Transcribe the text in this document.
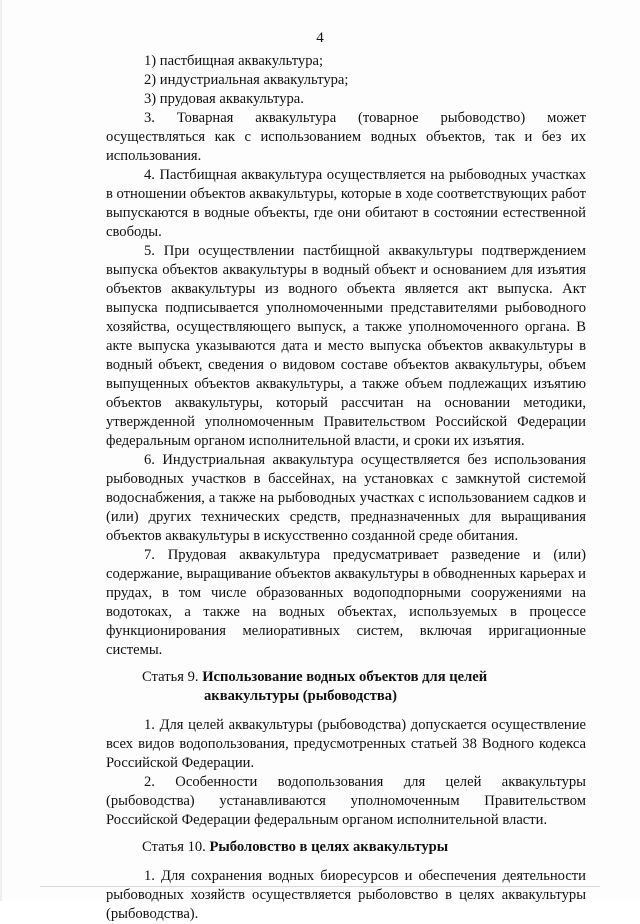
4

1) пастбищная аквакультура;

2) индустриальная аквакультура;

3) прудовая аквакультура.

3. Товарная аквакультура (товарное рыбоводство) может осуществляться как с использованием водных объектов, так и без их использования.

4. Пастбищная аквакультура осуществляется на рыбоводных участках в отношении объектов аквакультуры, которые в ходе соответствующих работ выпускаются в водные объекты, где они обитают в состоянии естественной свободы.

5. При осуществлении пастбищной аквакультуры подтверждением выпуска объектов аквакультуры в водный объект и основанием для изъятия объектов аквакультуры из водного объекта является акт выпуска. Акт выпуска подписывается уполномоченными представителями рыбоводного хозяйства, осуществляющего выпуск, а также уполномоченного органа. В акте выпуска указываются дата и место выпуска объектов аквакультуры в водный объект, сведения о видовом составе объектов аквакультуры, объем выпущенных объектов аквакультуры, а также объем подлежащих изъятию объектов аквакультуры, который рассчитан на основании методики, утвержденной уполномоченным Правительством Российской Федерации федеральным органом исполнительной власти, и сроки их изъятия.

6. Индустриальная аквакультура осуществляется без использования рыбоводных участков в бассейнах, на установках с замкнутой системой водоснабжения, а также на рыбоводных участках с использованием садков и (или) других технических средств, предназначенных для выращивания объектов аквакультуры в искусственно созданной среде обитания.

7. Прудовая аквакультура предусматривает разведение и (или) содержание, выращивание объектов аквакультуры в обводненных карьерах и прудах, в том числе образованных водоподпорными сооружениями на водотоках, а также на водных объектах, используемых в процессе функционирования мелиоративных систем, включая ирригационные системы.

Статья 9. Использование водных объектов для целей
аквакультуры (рыбоводства)

1. Для целей аквакультуры (рыбоводства) допускается осуществление всех видов водопользования, предусмотренных статьей 38 Водного кодекса Российской Федерации.

2. Особенности водопользования для целей аквакультуры (рыбоводства) устанавливаются уполномоченным Правительством Российской Федерации федеральным органом исполнительной власти.

Статья 10. Рыболовство в целях аквакультуры

1. Для сохранения водных биоресурсов и обеспечения деятельности рыбоводных хозяйств осуществляется рыболовство в целях аквакультуры (рыбоводства).
